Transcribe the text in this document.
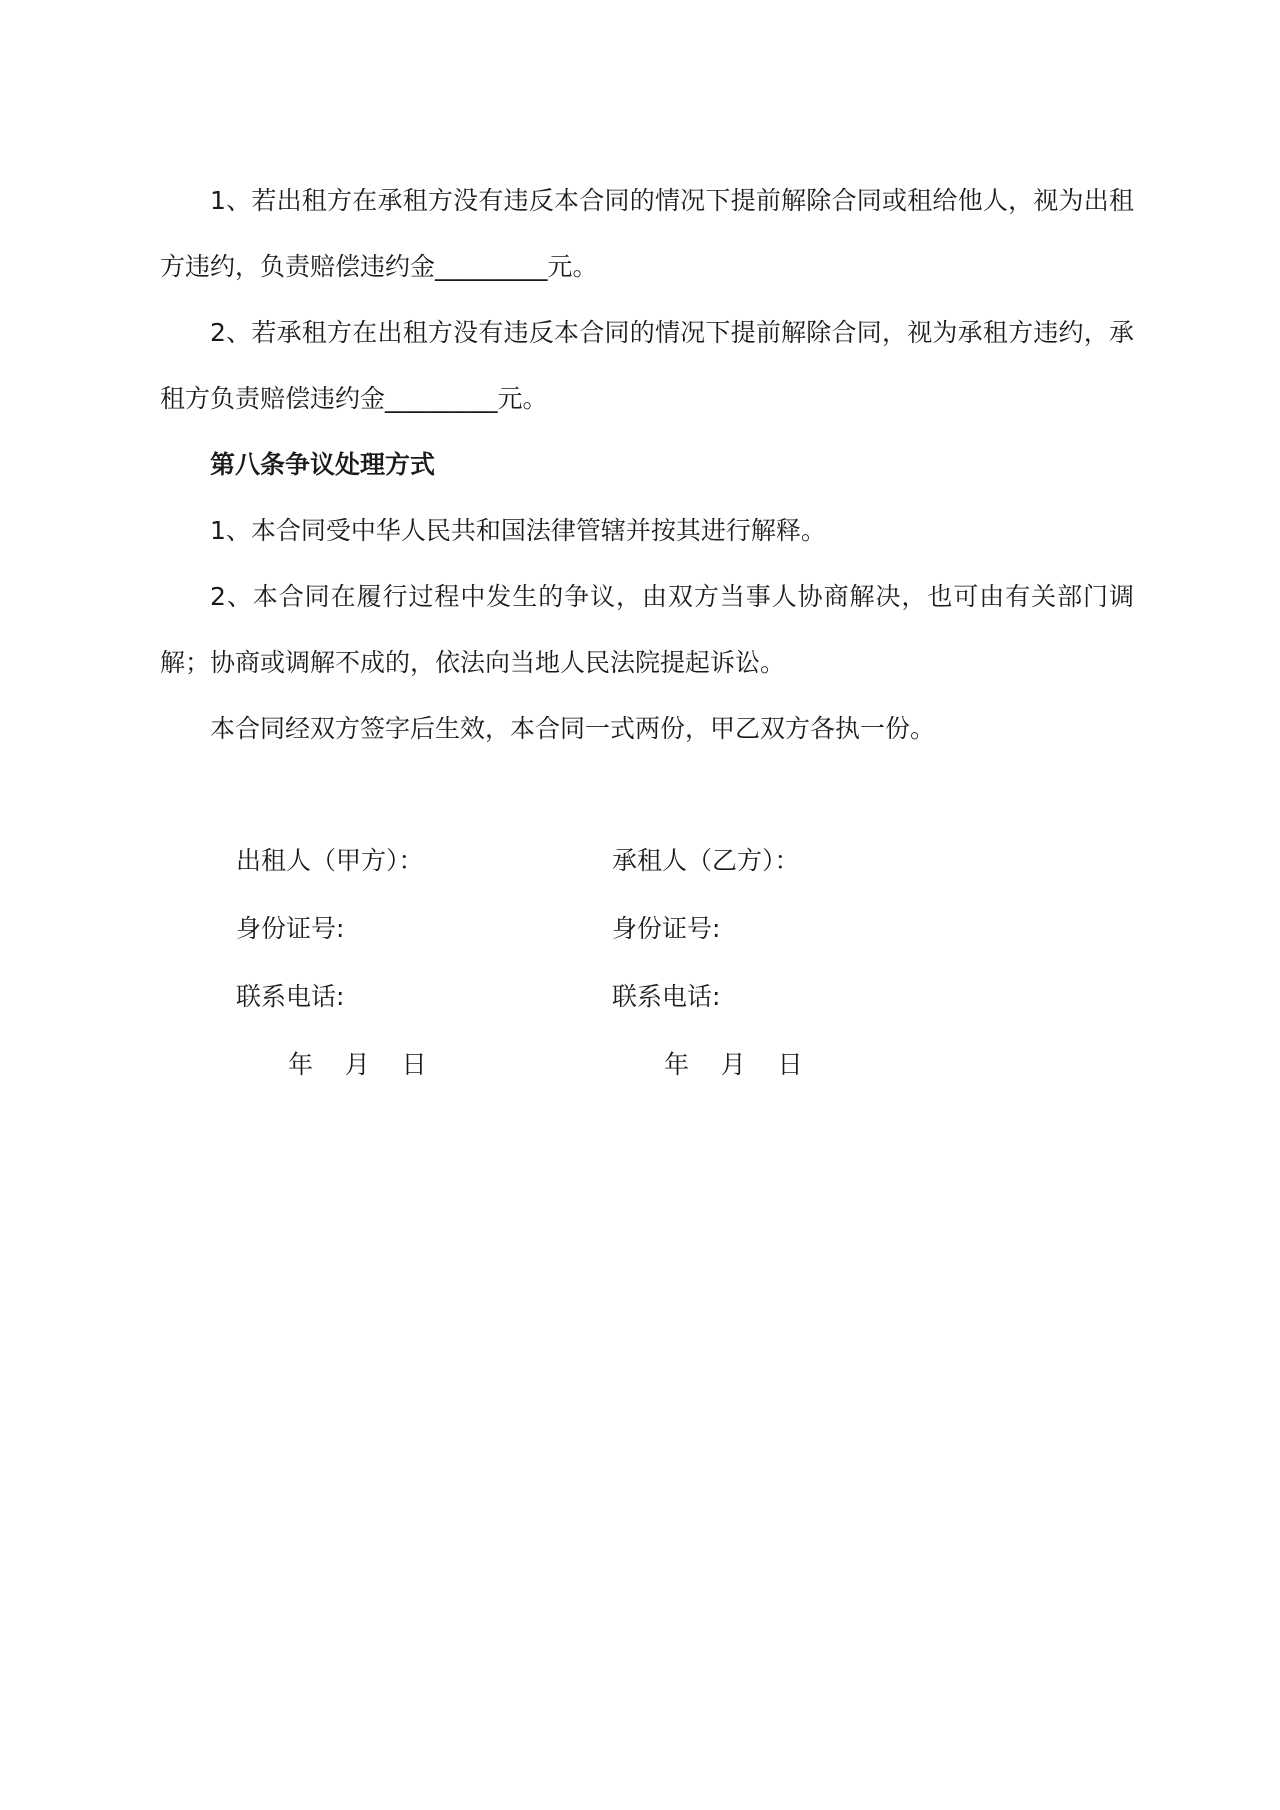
1、若出租方在承租方没有违反本合同的情况下提前解除合同或租给他人，视为出租方违约，负责赔偿违约金_________元。

2、若承租方在出租方没有违反本合同的情况下提前解除合同，视为承租方违约，承租方负责赔偿违约金_________元。

第八条争议处理方式

1、本合同受中华人民共和国法律管辖并按其进行解释。

2、本合同在履行过程中发生的争议，由双方当事人协商解决，也可由有关部门调解；协商或调解不成的，依法向当地人民法院提起诉讼。

本合同经双方签字后生效，本合同一式两份，甲乙双方各执一份。

出租人（甲方）：
身份证号:
联系电话:
年    月    日
承租人（乙方）：
身份证号:
联系电话:
年    月    日
